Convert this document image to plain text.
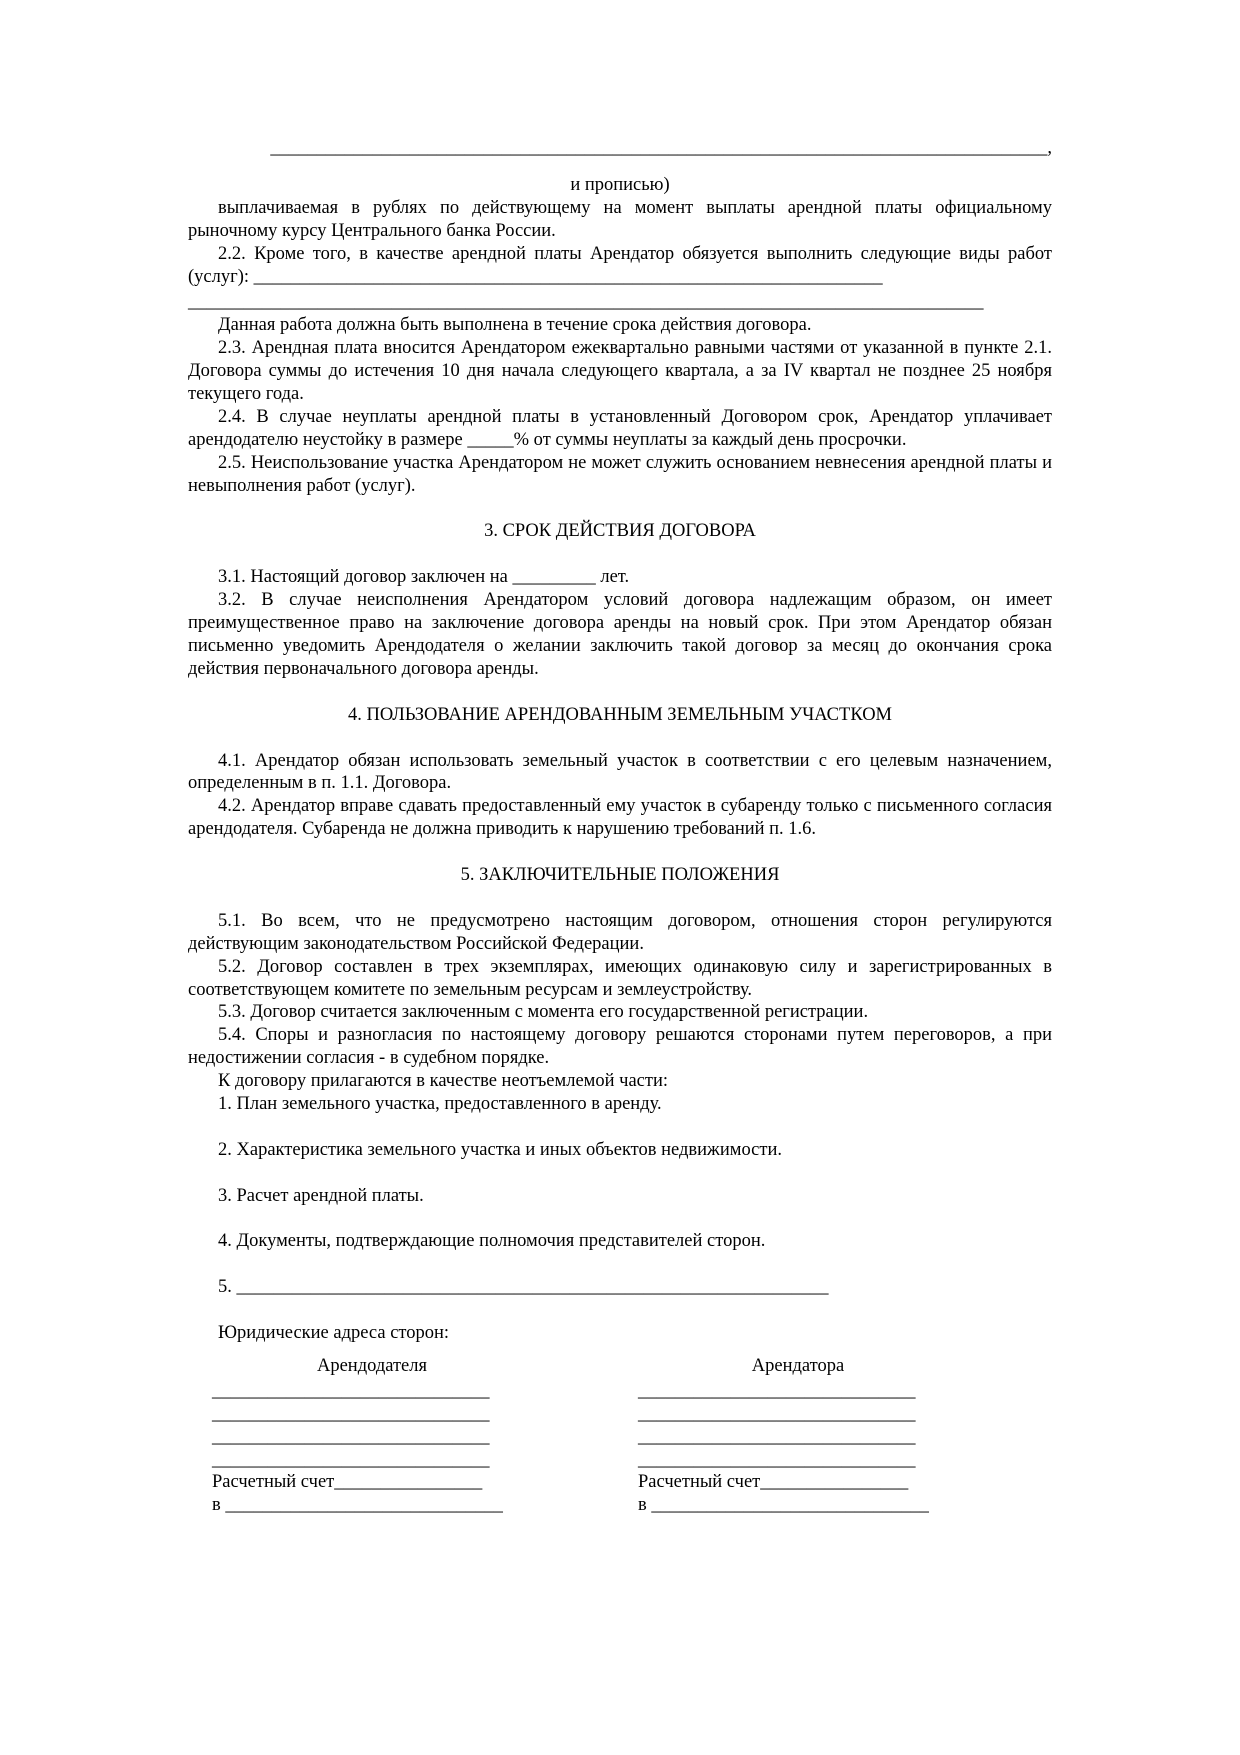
____________________________________________________________________________________,

и прописью)

выплачиваемая в рублях по действующему на момент выплаты арендной платы официальному рыночному курсу Центрального банка России.

2.2. Кроме того, в качестве арендной платы Арендатор обязуется выполнить следующие виды работ (услуг): ____________________________________________________________________

______________________________________________________________________________________

Данная работа должна быть выполнена в течение срока действия договора.

2.3. Арендная плата вносится Арендатором ежеквартально равными частями от указанной в пункте 2.1. Договора суммы до истечения 10 дня начала следующего квартала, а за IV квартал не позднее 25 ноября текущего года.

2.4. В случае неуплаты арендной платы в установленный Договором срок, Арендатор уплачивает арендодателю неустойку в размере _____% от суммы неуплаты за каждый день просрочки.

2.5. Неиспользование участка Арендатором не может служить основанием невнесения арендной платы и невыполнения работ (услуг).

3. СРОК ДЕЙСТВИЯ ДОГОВОРА

3.1. Настоящий договор заключен на _________ лет.

3.2. В случае неисполнения Арендатором условий договора надлежащим образом, он имеет преимущественное право на заключение договора аренды на новый срок. При этом Арендатор обязан письменно уведомить Арендодателя о желании заключить такой договор за месяц до окончания срока действия первоначального договора аренды.

4. ПОЛЬЗОВАНИЕ АРЕНДОВАННЫМ ЗЕМЕЛЬНЫМ УЧАСТКОМ

4.1. Арендатор обязан использовать земельный участок в соответствии с его целевым назначением, определенным в п. 1.1. Договора.

4.2. Арендатор вправе сдавать предоставленный ему участок в субаренду только с письменного согласия арендодателя. Субаренда не должна приводить к нарушению требований п. 1.6.

5. ЗАКЛЮЧИТЕЛЬНЫЕ ПОЛОЖЕНИЯ

5.1. Во всем, что не предусмотрено настоящим договором, отношения сторон регулируются действующим законодательством Российской Федерации.

5.2. Договор составлен в трех экземплярах, имеющих одинаковую силу и зарегистрированных в соответствующем комитете по земельным ресурсам и землеустройству.

5.3. Договор считается заключенным с момента его государственной регистрации.

5.4. Споры и разногласия по настоящему договору решаются сторонами путем переговоров, а при недостижении согласия - в судебном порядке.

К договору прилагаются в качестве неотъемлемой части:

1. План земельного участка, предоставленного в аренду.

2. Характеристика земельного участка и иных объектов недвижимости.

3. Расчет арендной платы.

4. Документы, подтверждающие полномочия представителей сторон.

5. ________________________________________________________________

Юридические адреса сторон:

Арендодателя

______________________________

______________________________

______________________________

______________________________

Расчетный счет________________

в ______________________________

Арендатора

______________________________

______________________________

______________________________

______________________________

Расчетный счет________________

в ______________________________
